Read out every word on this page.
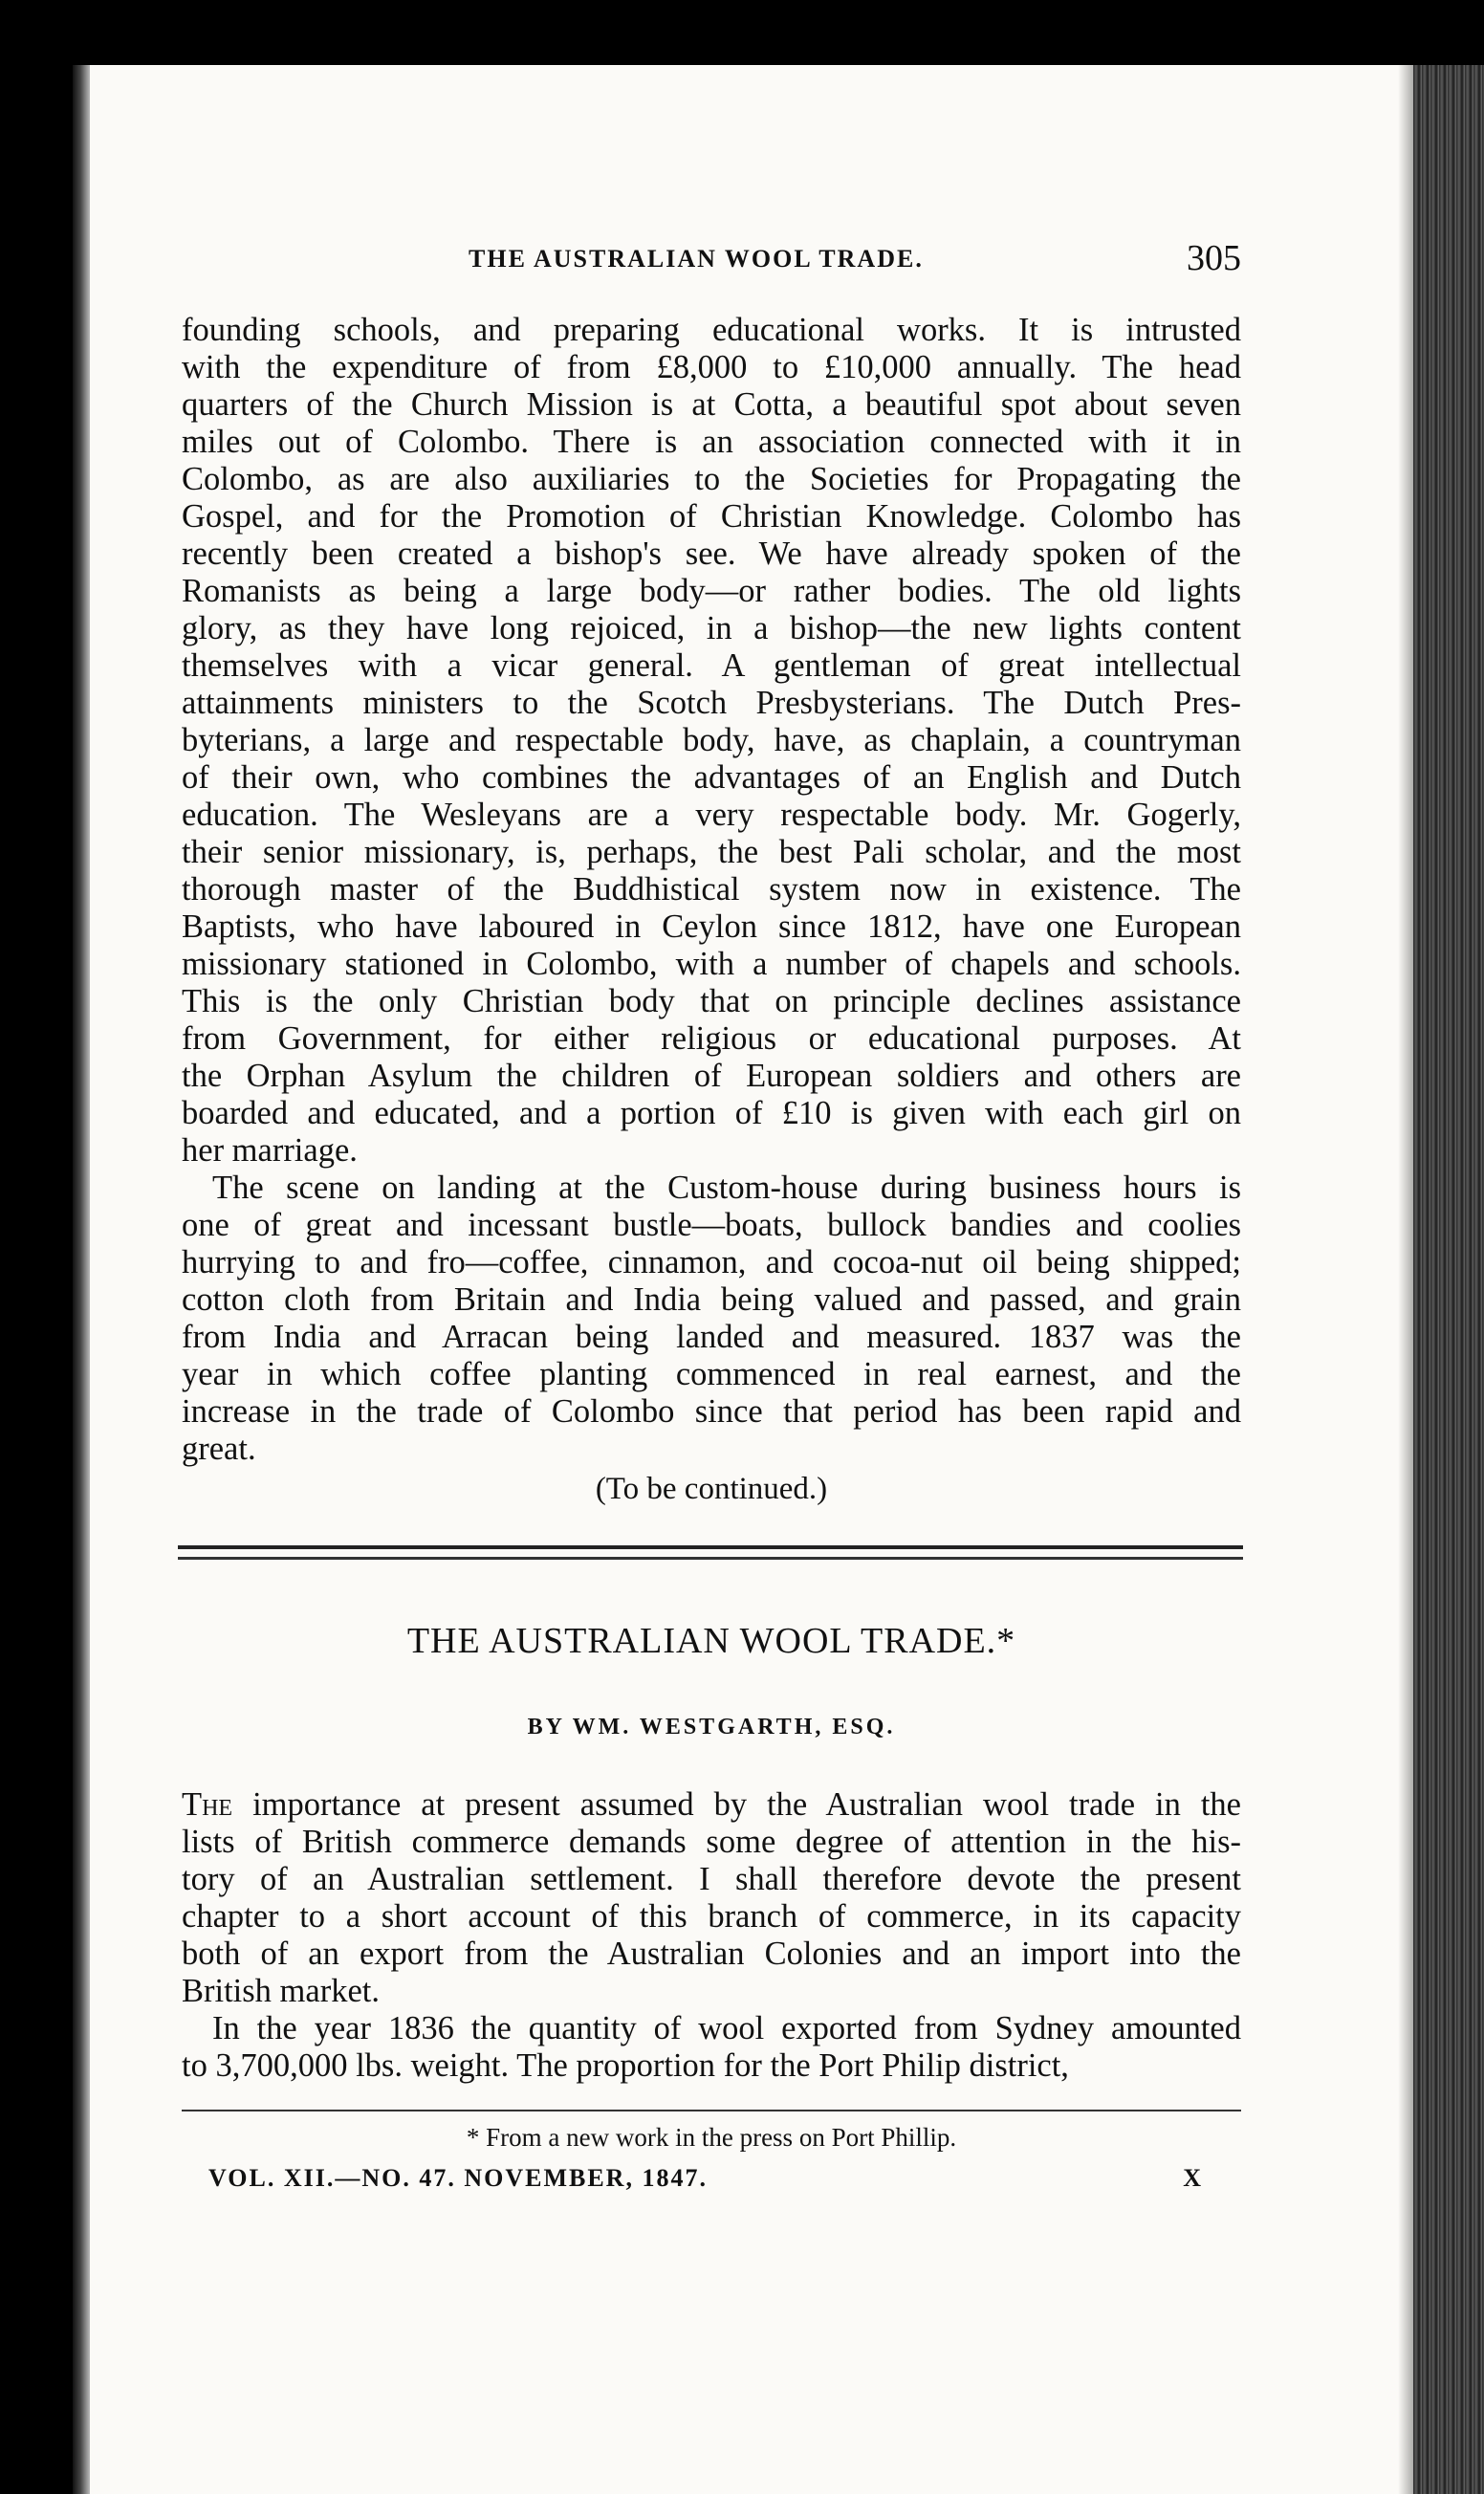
THE AUSTRALIAN WOOL TRADE.	305
founding schools, and preparing educational works. It is intrusted
with the expenditure of from £8,000 to £10,000 annually. The head
quarters of the Church Mission is at Cotta, a beautiful spot about seven
miles out of Colombo. There is an association connected with it in
Colombo, as are also auxiliaries to the Societies for Propagating the
Gospel, and for the Promotion of Christian Knowledge. Colombo has
recently been created a bishop's see. We have already spoken of the
Romanists as being a large body—or rather bodies. The old lights
glory, as they have long rejoiced, in a bishop—the new lights content
themselves with a vicar general. A gentleman of great intellectual
attainments ministers to the Scotch Presbysterians. The Dutch Pres-
byterians, a large and respectable body, have, as chaplain, a countryman
of their own, who combines the advantages of an English and Dutch
education. The Wesleyans are a very respectable body. Mr. Gogerly,
their senior missionary, is, perhaps, the best Pali scholar, and the most
thorough master of the Buddhistical system now in existence. The
Baptists, who have laboured in Ceylon since 1812, have one European
missionary stationed in Colombo, with a number of chapels and schools.
This is the only Christian body that on principle declines assistance
from Government, for either religious or educational purposes. At
the Orphan Asylum the children of European soldiers and others are
boarded and educated, and a portion of £10 is given with each girl on
her marriage.
The scene on landing at the Custom-house during business hours is
one of great and incessant bustle—boats, bullock bandies and coolies
hurrying to and fro—coffee, cinnamon, and cocoa-nut oil being shipped;
cotton cloth from Britain and India being valued and passed, and grain
from India and Arracan being landed and measured. 1837 was the
year in which coffee planting commenced in real earnest, and the
increase in the trade of Colombo since that period has been rapid and
great.
(To be continued.)
THE AUSTRALIAN WOOL TRADE.*
BY WM. WESTGARTH, ESQ.
The importance at present assumed by the Australian wool trade in the
lists of British commerce demands some degree of attention in the his-
tory of an Australian settlement. I shall therefore devote the present
chapter to a short account of this branch of commerce, in its capacity
both of an export from the Australian Colonies and an import into the
British market.
In the year 1836 the quantity of wool exported from Sydney amounted
to 3,700,000 lbs. weight. The proportion for the Port Philip district,
* From a new work in the press on Port Phillip.
VOL. XII.—NO. 47. NOVEMBER, 1847.	X
